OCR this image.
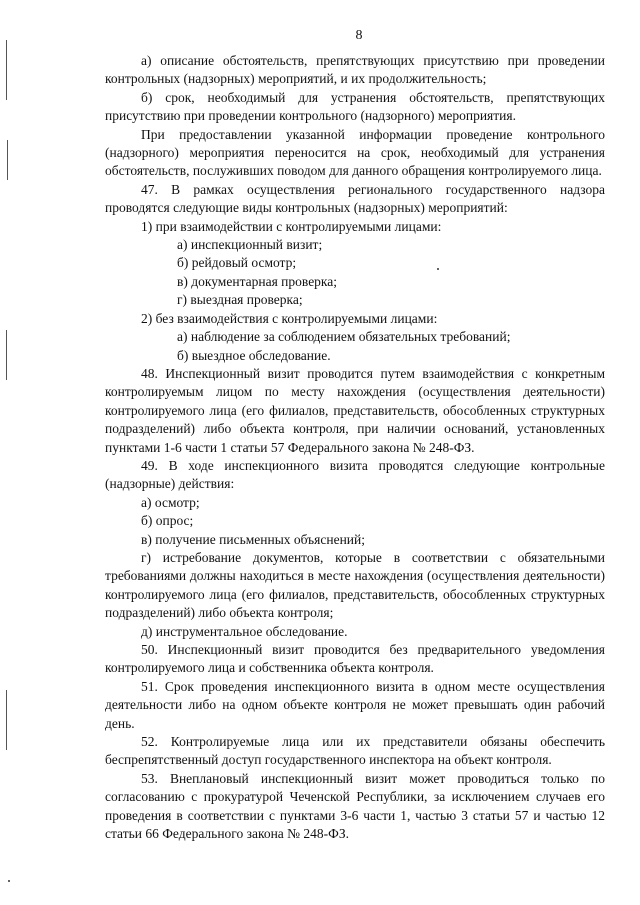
8
а) описание обстоятельств, препятствующих присутствию при проведении контрольных (надзорных) мероприятий, и их продолжительность;
б) срок, необходимый для устранения обстоятельств, препятствующих присутствию при проведении контрольного (надзорного) мероприятия.
При предоставлении указанной информации проведение контрольного (надзорного) мероприятия переносится на срок, необходимый для устранения обстоятельств, послуживших поводом для данного обращения контролируемого лица.
47. В рамках осуществления регионального государственного надзора проводятся следующие виды контрольных (надзорных) мероприятий:
1) при взаимодействии с контролируемыми лицами:
а) инспекционный визит;
б) рейдовый осмотр;
в) документарная проверка;
г) выездная проверка;
2) без взаимодействия с контролируемыми лицами:
а) наблюдение за соблюдением обязательных требований;
б) выездное обследование.
48. Инспекционный визит проводится путем взаимодействия с конкретным контролируемым лицом по месту нахождения (осуществления деятельности) контролируемого лица (его филиалов, представительств, обособленных структурных подразделений) либо объекта контроля, при наличии оснований, установленных пунктами 1-6 части 1 статьи 57 Федерального закона № 248-ФЗ.
49. В ходе инспекционного визита проводятся следующие контрольные (надзорные) действия:
а) осмотр;
б) опрос;
в) получение письменных объяснений;
г) истребование документов, которые в соответствии с обязательными требованиями должны находиться в месте нахождения (осуществления деятельности) контролируемого лица (его филиалов, представительств, обособленных структурных подразделений) либо объекта контроля;
д) инструментальное обследование.
50. Инспекционный визит проводится без предварительного уведомления контролируемого лица и собственника объекта контроля.
51. Срок проведения инспекционного визита в одном месте осуществления деятельности либо на одном объекте контроля не может превышать один рабочий день.
52. Контролируемые лица или их представители обязаны обеспечить беспрепятственный доступ государственного инспектора на объект контроля.
53. Внеплановый инспекционный визит может проводиться только по согласованию с прокуратурой Чеченской Республики, за исключением случаев его проведения в соответствии с пунктами 3-6 части 1, частью 3 статьи 57 и частью 12 статьи 66 Федерального закона № 248-ФЗ.
